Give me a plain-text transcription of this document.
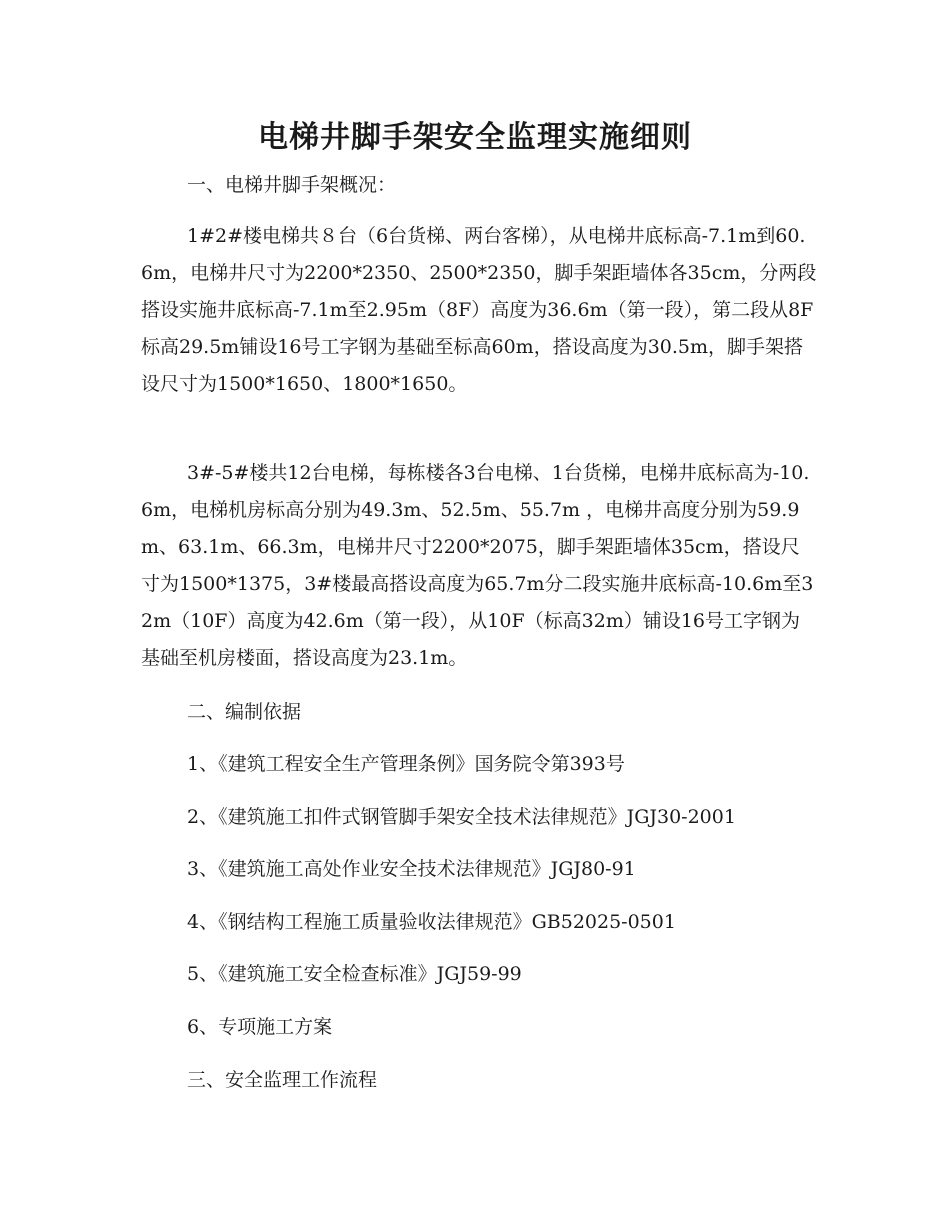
电梯井脚手架安全监理实施细则

一、电梯井脚手架概况：

1#2#楼电梯共８台（6台货梯、两台客梯），从电梯井底标高-7.1m到60.6m，电梯井尺寸为2200*2350、2500*2350，脚手架距墙体各35cm，分两段搭设实施井底标高-7.1m至2.95m（8F）高度为36.6m（第一段），第二段从8F标高29.5m铺设16号工字钢为基础至标高60m，搭设高度为30.5m，脚手架搭设尺寸为1500*1650、1800*1650。

3#-5#楼共12台电梯，每栋楼各3台电梯、1台货梯，电梯井底标高为-10.6m，电梯机房标高分别为49.3m、52.5m、55.7m ，电梯井高度分别为59.9m、63.1m、66.3m，电梯井尺寸2200*2075，脚手架距墙体35cm，搭设尺寸为1500*1375，3#楼最高搭设高度为65.7m分二段实施井底标高-10.6m至32m（10F）高度为42.6m（第一段），从10F（标高32m）铺设16号工字钢为基础至机房楼面，搭设高度为23.1m。

二、编制依据

1、《建筑工程安全生产管理条例》国务院令第393号

2、《建筑施工扣件式钢管脚手架安全技术法律规范》JGJ30-2001

3、《建筑施工高处作业安全技术法律规范》JGJ80-91

4、《钢结构工程施工质量验收法律规范》GB52025-0501

5、《建筑施工安全检查标准》JGJ59-99

6、专项施工方案

三、安全监理工作流程
